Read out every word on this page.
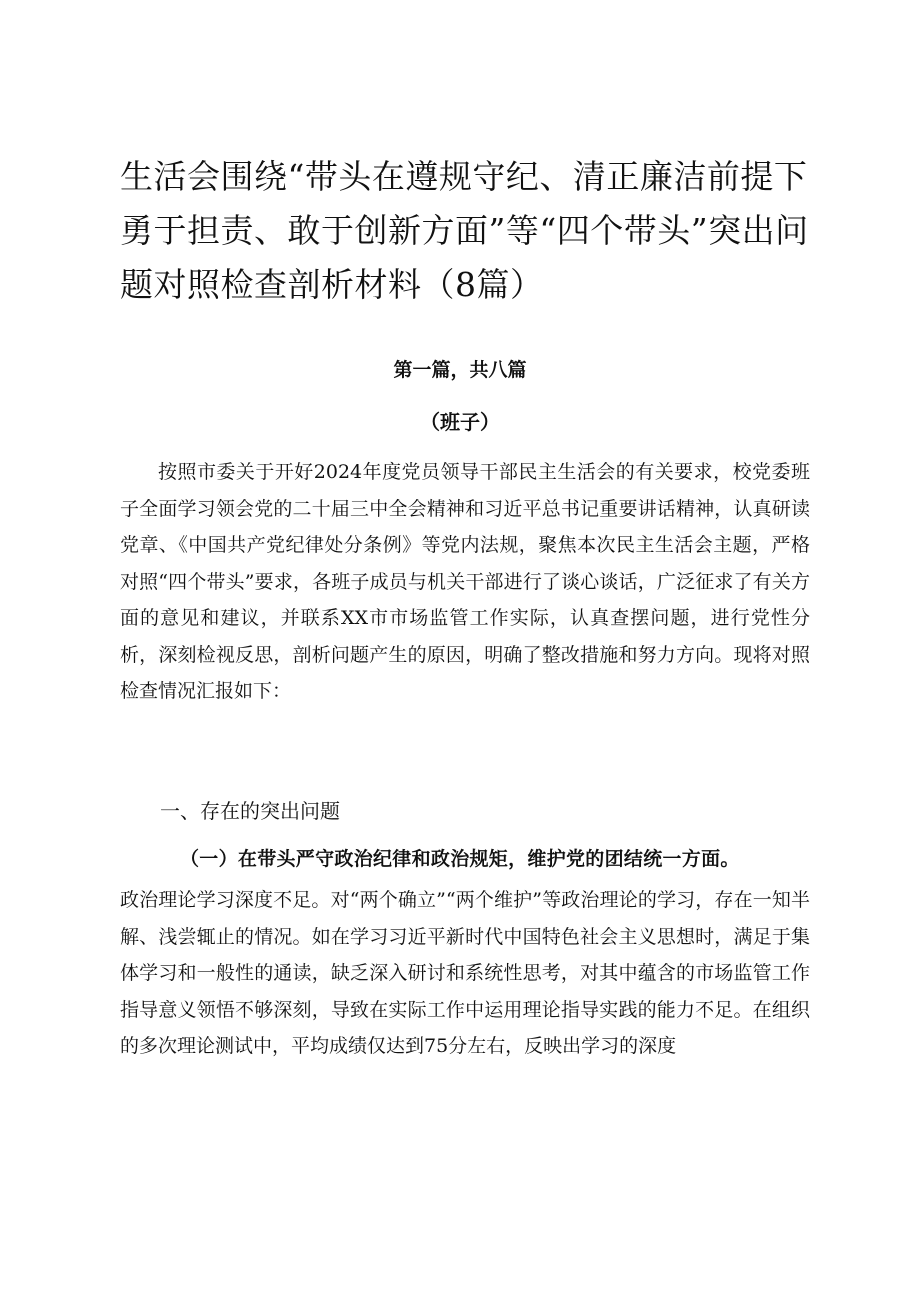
生活会围绕“带头在遵规守纪、清正廉洁前提下勇于担责、敢于创新方面”等“四个带头”突出问题对照检查剖析材料（8篇）

第一篇，共八篇

（班子）

按照市委关于开好2024年度党员领导干部民主生活会的有关要求，校党委班子全面学习领会党的二十届三中全会精神和习近平总书记重要讲话精神，认真研读党章、《中国共产党纪律处分条例》等党内法规，聚焦本次民主生活会主题，严格对照“四个带头”要求，各班子成员与机关干部进行了谈心谈话，广泛征求了有关方面的意见和建议，并联系XX市市场监管工作实际，认真查摆问题，进行党性分析，深刻检视反思，剖析问题产生的原因，明确了整改措施和努力方向。现将对照检查情况汇报如下：

一、存在的突出问题
（一）在带头严守政治纪律和政治规矩，维护党的团结统一方面。

政治理论学习深度不足。对“两个确立”“两个维护”等政治理论的学习，存在一知半解、浅尝辄止的情况。如在学习习近平新时代中国特色社会主义思想时，满足于集体学习和一般性的通读，缺乏深入研讨和系统性思考，对其中蕴含的市场监管工作指导意义领悟不够深刻，导致在实际工作中运用理论指导实践的能力不足。在组织的多次理论测试中，平均成绩仅达到75分左右，反映出学习的深度
